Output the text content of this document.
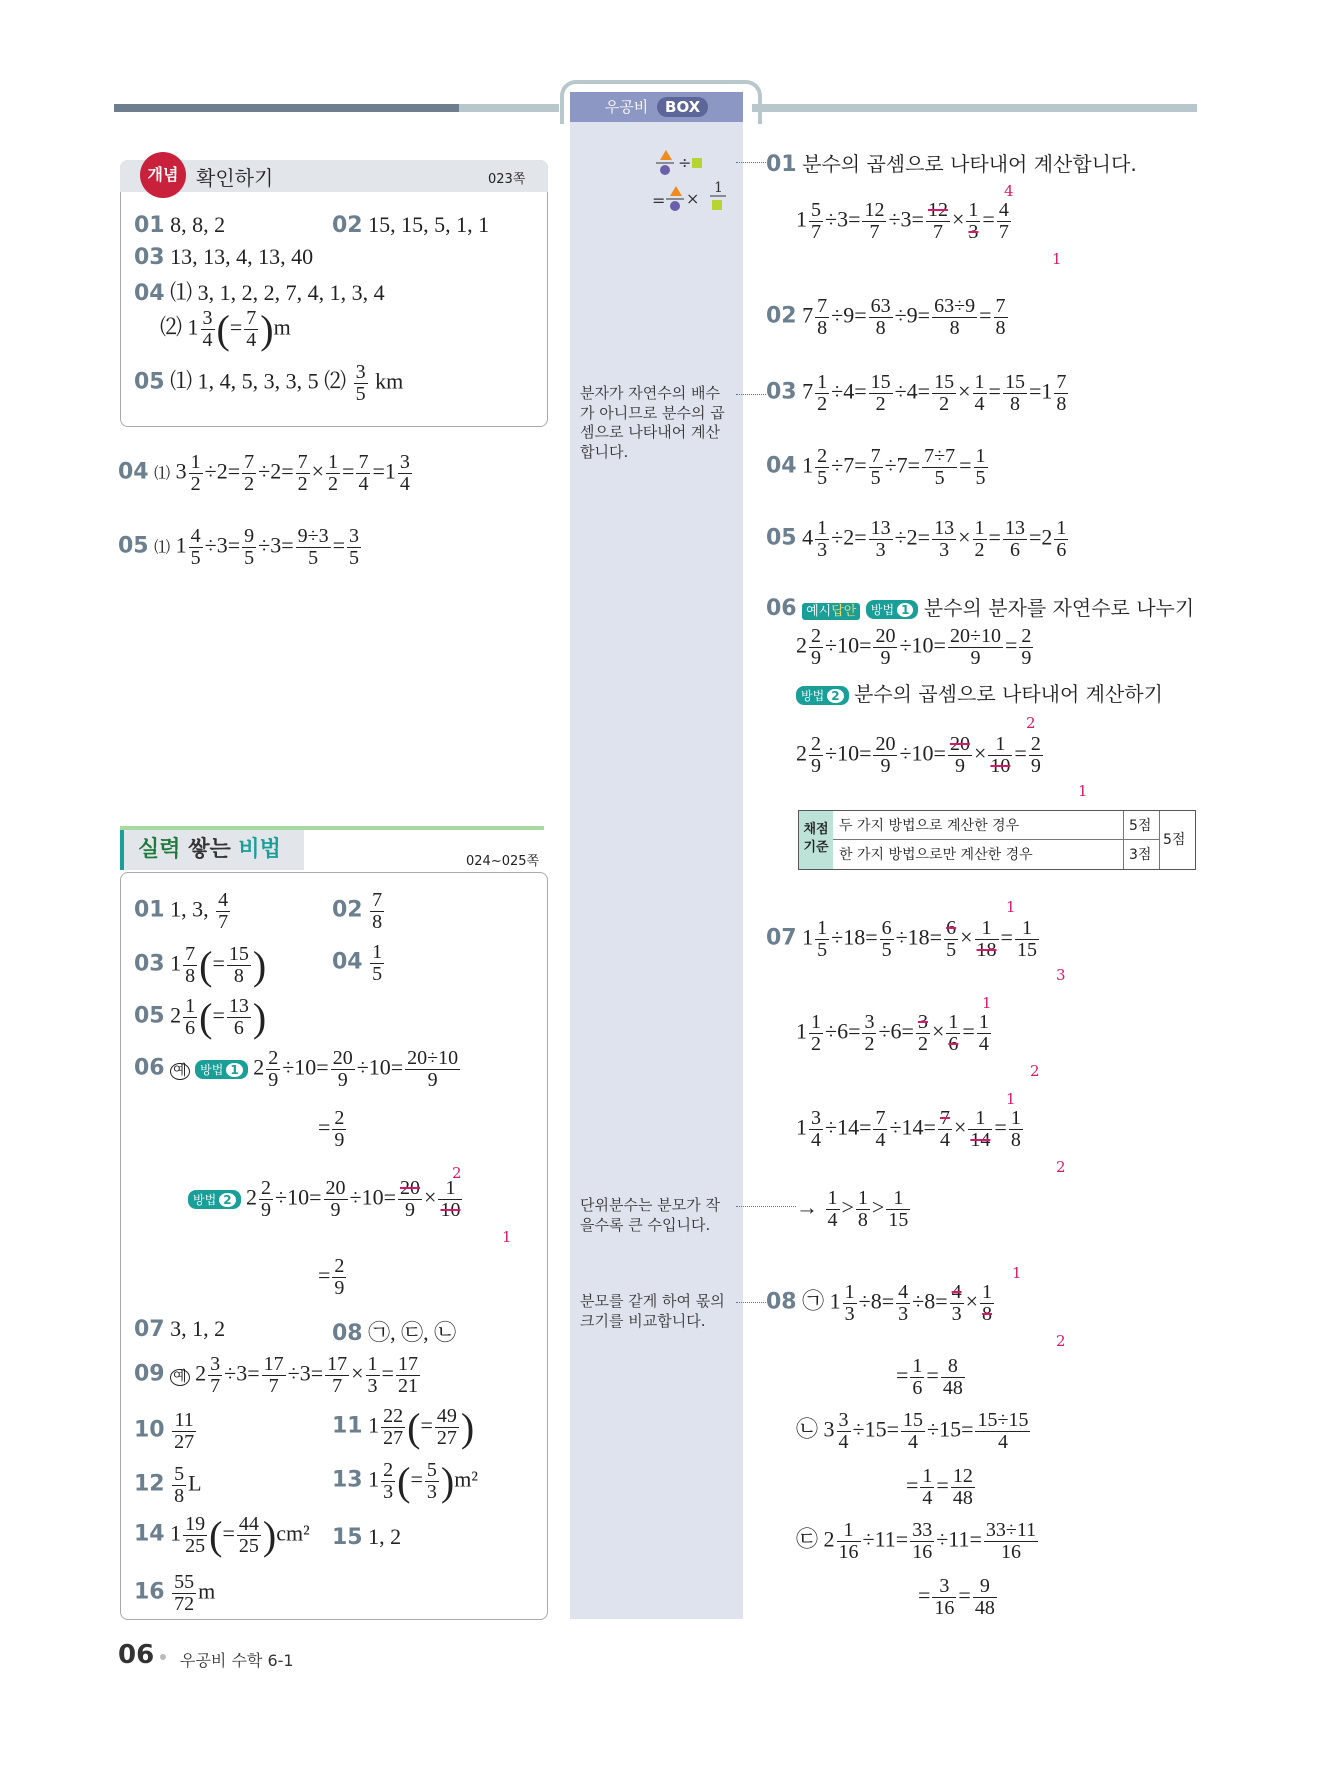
우공비 BOX
÷
= ×
1
개념 확인하기	023쪽
01 8, 8, 2	02 15, 15, 5, 1, 1
03 13, 13, 4, 13, 40
04 ⑴ 3, 1, 2, 2, 7, 4, 1, 3, 4
⑵ $1 \frac{3}{4}$ (= $\frac{7}{4} )m$
05 ⑴ 1, 4, 5, 3, 3, 5 ⑵ $\frac{3}{5}$ km
04 ⑴ $3 \frac{1}{2} \div 2= \frac{7}{2} \div 2= \frac{7}{2} \times \frac{1}{2} = \frac{7}{4} =1 \frac{3}{4}$
05 ⑴ $1 \frac{4}{5} \div 3= \frac{9}{5} \div 3= \frac{9\div 3}{5} = \frac{3}{5}$
실력 쌓는 비법	024~025쪽
01 1, 3, $\frac{4}{7}$	$02 \frac{7}{8}$
03 $1 \frac{7}{8}$ (= $\frac{15}{8}$ )	$04 \frac{1}{5}$
05 $2 \frac{1}{6}$ (= $\frac{13}{6}$ )
06 예 방법 1 $2 \frac{2}{9} \div 10= \frac{20}{9} \div 10= \frac{20\div 10}{9}$
= $\frac{2}{9}$
방법 2 $2 \frac{2}{9} \div 10= \frac{20}{9} \div 10= \frac{20}{9} \times \frac{1}{10}$
2
1
= $\frac{2}{9}$
07 3, 1, 2	08 ㉠, ㉢, ㉡
09 예 $2 \frac{3}{7} \div 3= \frac{17}{7} \div 3= \frac{17}{7} \times \frac{1}{3} = \frac{17}{21}$
$10 \frac{11}{27}$	11 $1 \frac{22}{27}$ (= $\frac{49}{27}$ )
$12 \frac{5}{8}$ L	13 $1 \frac{2}{3}$ (= $\frac{5}{3} )m^2$
14 $1 \frac{19}{25}$ (= $\frac{44}{25} )cm^2$ 15 1, 2
$16 \frac{55}{72}$ m
분자가 자연수의 배수가 아니므로 분수의 곱셈으로 나타내어 계산합니다.
단위분수는 분모가 작을수록 큰 수입니다.
분모를 같게 하여 몫의 크기를 비교합니다.
01 분수의 곱셈으로 나타내어 계산합니다.
$1 \frac{5}{7} \div 3= \frac{12}{7} \div 3= \frac{12}{7} \times \frac{1}{3} = \frac{4}{7}$
4
1
02 $7 \frac{7}{8} \div 9= \frac{63}{8} \div 9= \frac{63\div 9}{8} = \frac{7}{8}$
03 $7 \frac{1}{2} \div 4= \frac{15}{2} \div 4= \frac{15}{2} \times \frac{1}{4} = \frac{15}{8} =1 \frac{7}{8}$
04 $1 \frac{2}{5} \div 7= \frac{7}{5} \div 7= \frac{7\div 7}{5} = \frac{1}{5}$
05 $4 \frac{1}{3} \div 2= \frac{13}{3} \div 2= \frac{13}{3} \times \frac{1}{2} = \frac{13}{6} =2 \frac{1}{6}$
06 예시답안 방법 1 분수의 분자를 자연수로 나누기
$2 \frac{2}{9} \div 10= \frac{20}{9} \div 10= \frac{20\div 10}{9} = \frac{2}{9}$
방법 2 분수의 곱셈으로 나타내어 계산하기
$2 \frac{2}{9} \div 10= \frac{20}{9} \div 10= \frac{20}{9} \times \frac{1}{10} = \frac{2}{9}$
2
1
채점 기준
두 가지 방법으로 계산한 경우	5점
한 가지 방법으로만 계산한 경우	3점
5점
07 $1 \frac{1}{5} \div 18= \frac{6}{5} \div 18= \frac{6}{5} \times \frac{1}{18} = \frac{1}{15}$
1
3
$1 \frac{1}{2} \div 6= \frac{3}{2} \div 6= \frac{3}{2} \times \frac{1}{6} = \frac{1}{4}$
1
2
$1 \frac{3}{4} \div 14= \frac{7}{4} \div 14= \frac{7}{4} \times \frac{1}{14} = \frac{1}{8}$
1
2
→ $\frac{1}{4} > \frac{1}{8} > \frac{1}{15}$
08 ㉠ $1 \frac{1}{3} \div 8= \frac{4}{3} \div 8= \frac{4}{3} \times \frac{1}{8}$
1
2
= $\frac{1}{6} = \frac{8}{48}$
㉡ $3 \frac{3}{4} \div 15= \frac{15}{4} \div 15= \frac{15\div 15}{4}$
= $\frac{1}{4} = \frac{12}{48}$
㉢ $2 \frac{1}{16} \div 11= \frac{33}{16} \div 11= \frac{33\div 11}{16}$
= $\frac{3}{16} = \frac{9}{48}$
06 우공비 수학 6-1
